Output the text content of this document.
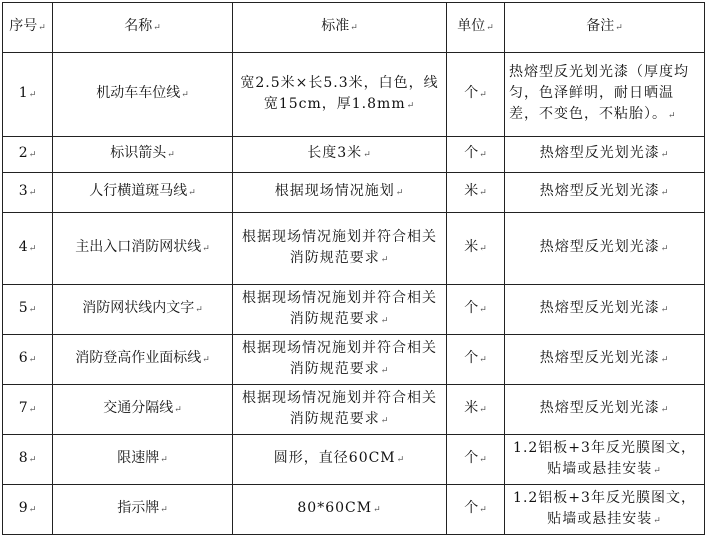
序号 ↵	名称 ↵	标准 ↵	单位 ↵	备注 ↵
1 ↵	机动车车位线 ↵	宽2.5米×长5.3米，白色，线宽15cm，厚1.8mm ↵	个 ↵	热熔型反光划光漆（厚度均匀，色泽鲜明，耐日晒温差，不变色，不粘胎）。 ↵
2 ↵	标识箭头 ↵	长度3米 ↵	个 ↵	热熔型反光划光漆 ↵
3 ↵	人行横道斑马线 ↵	根据现场情况施划 ↵	米 ↵	热熔型反光划光漆 ↵
4 ↵	主出入口消防网状线 ↵	根据现场情况施划并符合相关消防规范要求 ↵	米 ↵	热熔型反光划光漆 ↵
5 ↵	消防网状线内文字 ↵	根据现场情况施划并符合相关消防规范要求 ↵	个 ↵	热熔型反光划光漆 ↵
6 ↵	消防登高作业面标线 ↵	根据现场情况施划并符合相关消防规范要求 ↵	个 ↵	热熔型反光划光漆 ↵
7 ↵	交通分隔线 ↵	根据现场情况施划并符合相关消防规范要求 ↵	米 ↵	热熔型反光划光漆 ↵
8 ↵	限速牌 ↵	圆形，直径60CM ↵	个 ↵	1.2铝板+3年反光膜图文，贴墙或悬挂安装 ↵
9 ↵	指示牌 ↵	80*60CM ↵	个 ↵	1.2铝板+3年反光膜图文，贴墙或悬挂安装 ↵
